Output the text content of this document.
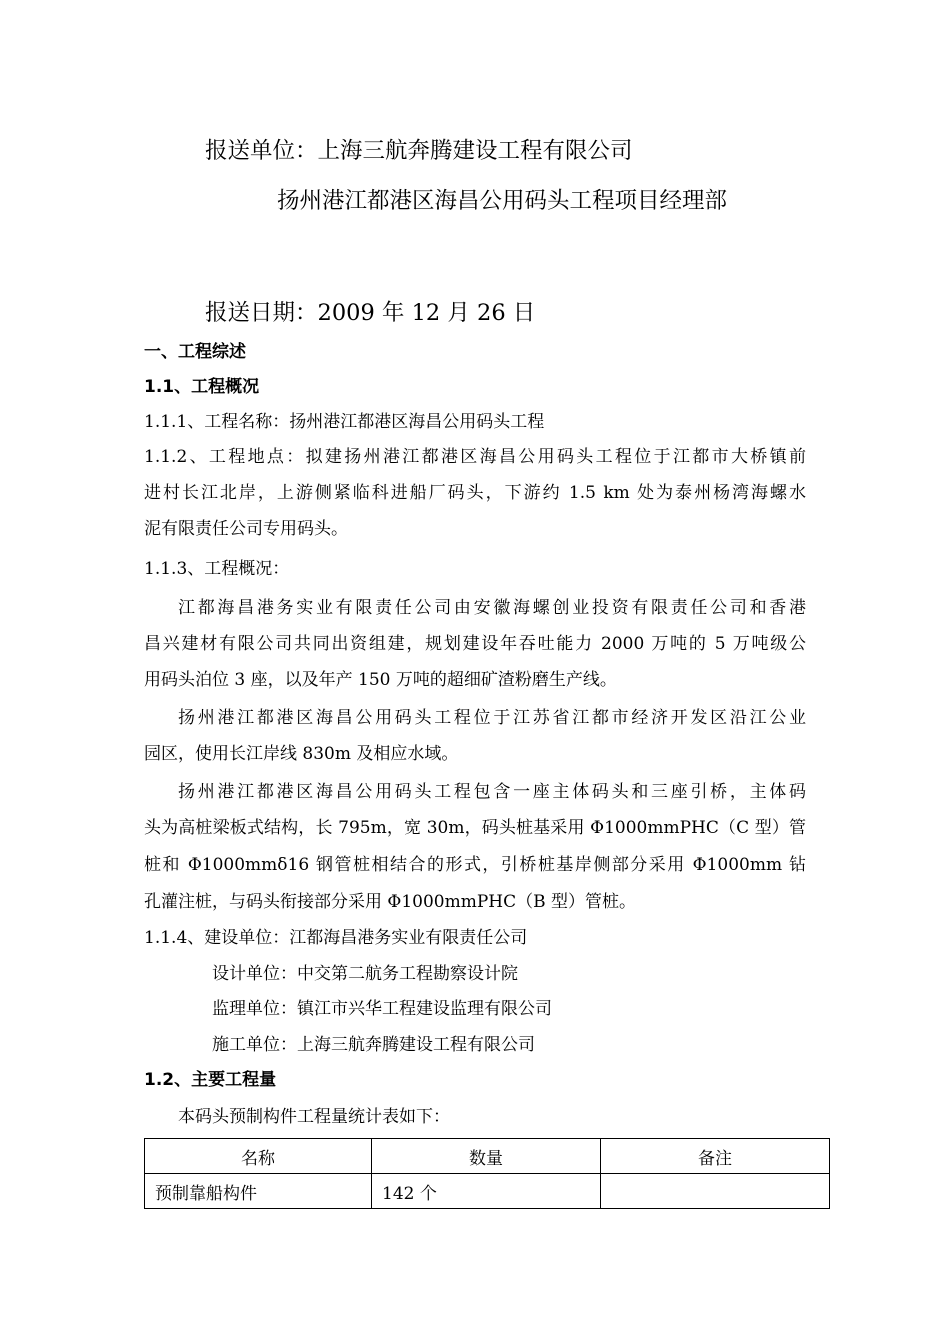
报送单位：上海三航奔腾建设工程有限公司
扬州港江都港区海昌公用码头工程项目经理部
报送日期：2009 年 12 月 26 日
一、工程综述
1.1、工程概况
1.1.1、工程名称：扬州港江都港区海昌公用码头工程
1.1.2、工程地点：拟建扬州港江都港区海昌公用码头工程位于江都市大桥镇前
进村长江北岸，上游侧紧临科进船厂码头，下游约 1.5 km 处为泰州杨湾海螺水
泥有限责任公司专用码头。
1.1.3、工程概况：
江都海昌港务实业有限责任公司由安徽海螺创业投资有限责任公司和香港
昌兴建材有限公司共同出资组建，规划建设年吞吐能力 2000 万吨的 5 万吨级公
用码头泊位 3 座，以及年产 150 万吨的超细矿渣粉磨生产线。
扬州港江都港区海昌公用码头工程位于江苏省江都市经济开发区沿江公业
园区，使用长江岸线 830m 及相应水域。
扬州港江都港区海昌公用码头工程包含一座主体码头和三座引桥，主体码
头为高桩梁板式结构，长 795m，宽 30m，码头桩基采用 Φ1000mmPHC（C 型）管
桩和 Φ1000mmδ16 钢管桩相结合的形式，引桥桩基岸侧部分采用 Φ1000mm 钻
孔灌注桩，与码头衔接部分采用 Φ1000mmPHC（B 型）管桩。
1.1.4、建设单位：江都海昌港务实业有限责任公司
设计单位：中交第二航务工程勘察设计院
监理单位：镇江市兴华工程建设监理有限公司
施工单位：上海三航奔腾建设工程有限公司
1.2、主要工程量
本码头预制构件工程量统计表如下：
名称	数量	备注
预制靠船构件	142 个	
